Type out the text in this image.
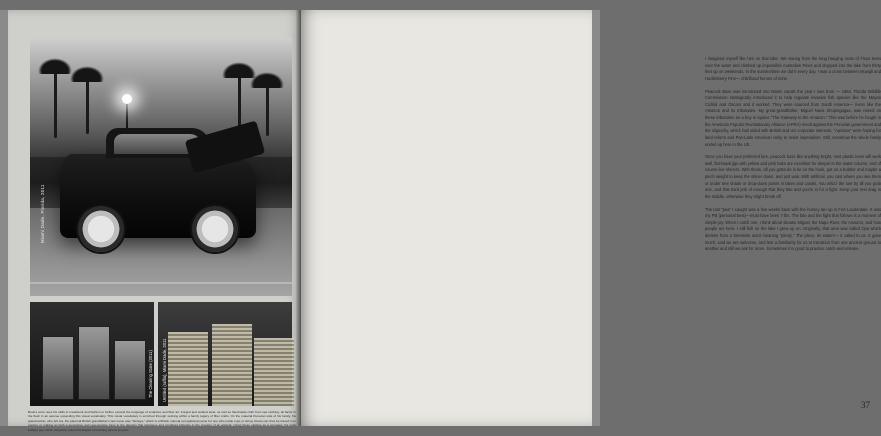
Miami Dade, Florida, 2011
The Clearing State (2011) Untitled (raffia), Miami Dade, 2011

Book's work uses his skills in metalwork and fashion to further expand the language of sculpture and fiber art. Forged and welded steel, as well as handmade cloth from raw clothing, all factor in the flesh in an avenue expanding this visual vocabulary. This visual vocabulary is enriched through working within a family legacy of fiber crafts. On the material Peruvian side of his family, his grandmother, who left Ica, the paternal British grandfather's last name was "Sintaya," which is a British manual occupational name for one who made rope or string. Roots can thus be traced in to explore or making as both a generative and regenerative force in the tapestry that interlaces and combines histories in the creation of an artwork. Using these clashes as a compass, his work bridges geo-within disparate cultural heritages connecting past to present.

I imagined myself like him on that lake. We swung from the long hanging roots of Ficus trees over the water and climbed up impossible Australian Pines and dropped into the lake from thirty feet up on weekends, in the summertime we did it every day. I was a cross between Mowgli and Huckleberry Finn— childhood heroes of mine.

Peacock Bass was introduced into Miami canals the year I was born — 1984. Florida Wildlife Commission strategically introduced it to help regulate invasive fish species like the Mayan Cichlid and Oscars and it worked. They were sourced from South America— rivers like the Amazon and its tributaries. My great-grandfather, Miguel Nava Shupingagua, was raised on these tributaries as a boy in Iquitos "The Gateway to the Amazon." This was before he fought in the American Popular Revolutionary Alliance (APRA) revolt against the Peruvian government and the oligarchy, which had sided with British and US corporate interests. "Apristas" were hoping for land reform and Pan-Latin American Unity to resist imperialism. Still, somehow the whole family ended up here in the US.

Once you have your preferred lure, peacock bass like anything bright, next plastic lures will work well, flat-hawk jigs with yellow and pink hairs are excellent for deeper in the water column, and of course live shiners. With those, all you gotta do is tie on the hook, put on a bobber and maybe a pinch weight to keep the shiner down, and just wait. With artificial, you cast where you see them or under tree shade or drop-down points in lakes and canals. You whizz the lure by till you grab one, and that hard jerk of enough that they bite and you're in for a fight. Keep your reel drag in the middle, otherwise they might break off.

The last "pea" I caught was a few weeks back with the homey Ian up in Fort Lauderdale. It was my PB (personal best)—must have been 7 lbs. The bite and the fight that follows is a moment of simple joy. When I catch one, I think about situatio Miguel, the Napo River, the Amazon, and how people are here. I still fish on the lake I grew up on. Originally, that area was called Opa which derives from a Seminole word meaning "plenty." The place, its waters— it called to us. It gave much, said we are welcome, and lent a familiarity for us to transition from one ancient ground to another and still we ask for more. Sometimes it is good to practice catch-and-release.

37
